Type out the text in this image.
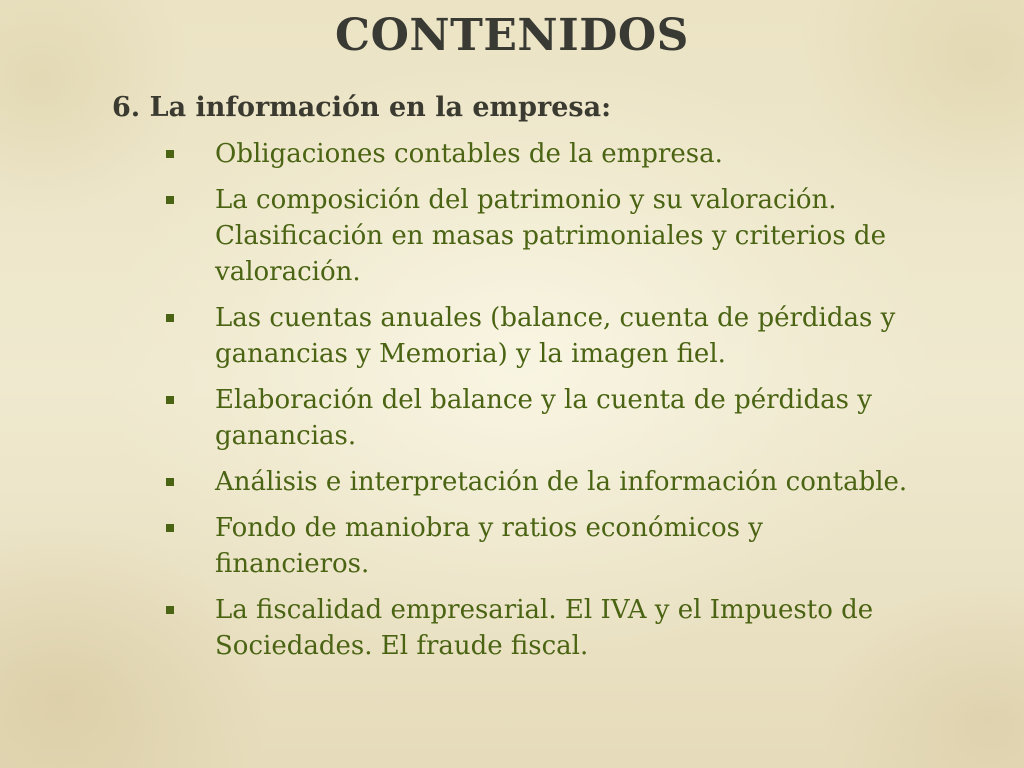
CONTENIDOS
6. La información en la empresa:
Obligaciones contables de la empresa.
La composición del patrimonio y su valoración. Clasificación en masas patrimoniales y criterios de valoración.
Las cuentas anuales (balance, cuenta de pérdidas y ganancias y Memoria) y la imagen fiel.
Elaboración del balance y la cuenta de pérdidas y ganancias.
Análisis e interpretación de la información contable.
Fondo de maniobra y ratios económicos y financieros.
La fiscalidad empresarial. El IVA y el Impuesto de Sociedades. El fraude fiscal.
